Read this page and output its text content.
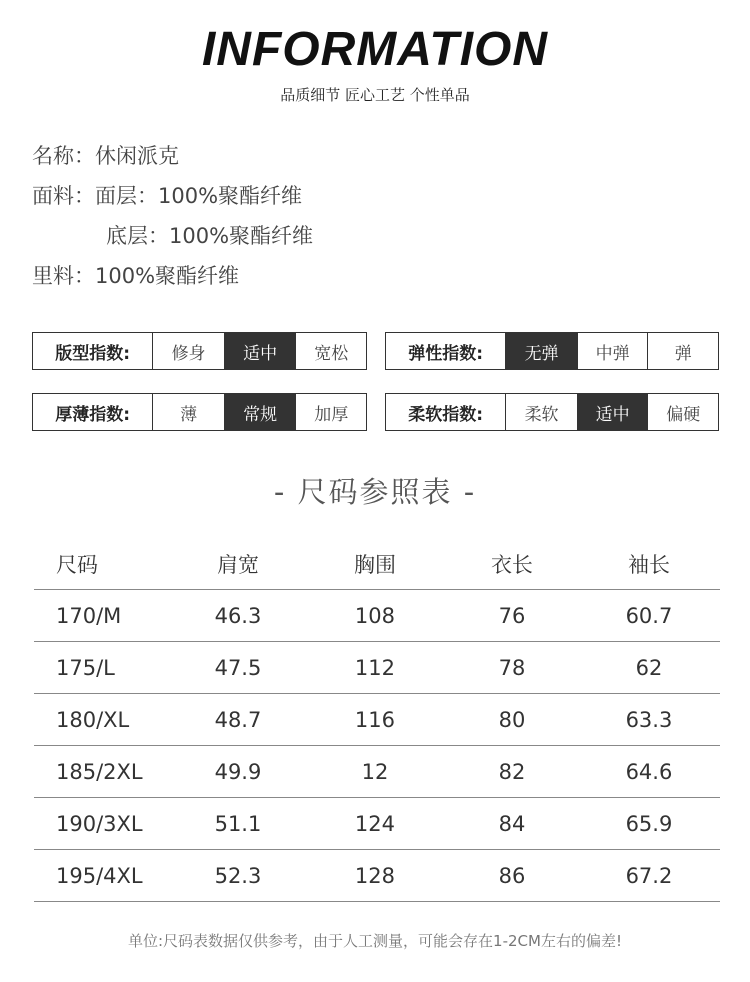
INFORMATION
品质细节 匠心工艺 个性单品
名称：休闲派克
面料：面层：100%聚酯纤维
底层：100%聚酯纤维
里料：100%聚酯纤维
版型指数:	修身	适中	宽松	弹性指数:	无弹	中弹	弹
厚薄指数:	薄	常规	加厚	柔软指数:	柔软	适中	偏硬
- 尺码参照表 -
尺码	肩宽	胸围	衣长	袖长
170/M	46.3	108	76	60.7
175/L	47.5	112	78	62
180/XL	48.7	116	80	63.3
185/2XL	49.9	12	82	64.6
190/3XL	51.1	124	84	65.9
195/4XL	52.3	128	86	67.2
单位:尺码表数据仅供参考，由于人工测量，可能会存在1-2CM左右的偏差!
